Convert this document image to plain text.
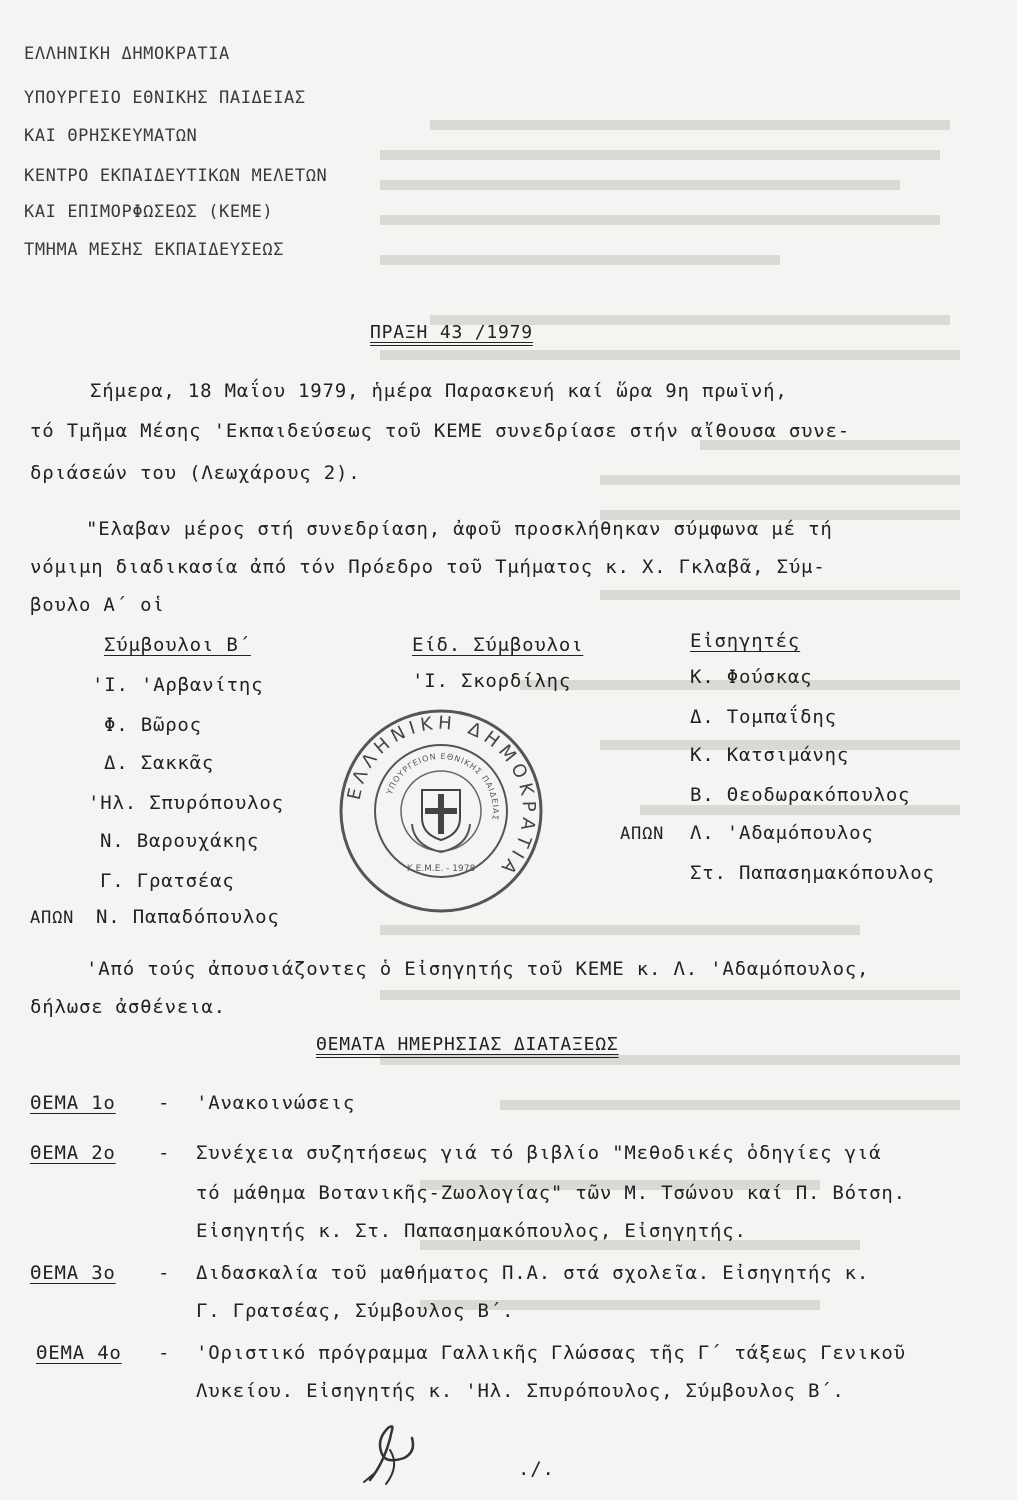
ΕΛΛΗΝΙΚΗ ΔΗΜΟΚΡΑΤΙΑ
ΥΠΟΥΡΓΕΙΟ ΕΘΝΙΚΗΣ ΠΑΙΔΕΙΑΣ
ΚΑΙ ΘΡΗΣΚΕΥΜΑΤΩΝ
ΚΕΝΤΡΟ ΕΚΠΑΙΔΕΥΤΙΚΩΝ ΜΕΛΕΤΩΝ
ΚΑΙ ΕΠΙΜΟΡΦΩΣΕΩΣ (ΚΕΜΕ)
ΤΜΗΜΑ ΜΕΣΗΣ ΕΚΠΑΙΔΕΥΣΕΩΣ
ΠΡΑΞΗ 43 /1979
Σήμερα, 18 Μαΐου 1979, ἡμέρα Παρασκευή καί ὥρα 9η πρωϊνή,
τό Τμῆμα Μέσης 'Εκπαιδεύσεως τοῦ ΚΕΜΕ συνεδρίασε στήν αἴθουσα συνε-
δριάσεών του (Λεωχάρους 2).
"Ελαβαν μέρος στή συνεδρίαση, ἀφοῦ προσκλήθηκαν σύμφωνα μέ τή
νόμιμη διαδικασία ἀπό τόν Πρόεδρο τοῦ Τμήματος κ. Χ. Γκλαβᾶ, Σύμ-
βουλο Α΄ οἱ
Σύμβουλοι Β΄
'Ι. 'Αρβανίτης
Φ. Βῶρος
Δ. Σακκᾶς
'Ηλ. Σπυρόπουλος
Ν. Βαρουχάκης
Γ. Γρατσέας
ΑΠΩΝ Ν. Παπαδόπουλος
Είδ. Σύμβουλοι
'Ι. Σκορδίλης
Εἰσηγητές
Κ. Φούσκας
Δ. Τομπαΐδης
Κ. Κατσιμάνης
Β. Θεοδωρακόπουλος
ΑΠΩΝ Λ. 'Αδαμόπουλος
Στ. Παπασημακόπουλος
ΕΛΛΗΝΙΚΗ ΔΗΜΟΚΡΑΤΙΑ
ΥΠΟΥΡΓΕΙΟΝ ΕΘΝΙΚΗΣ ΠΑΙΔΕΙΑΣ
Κ.Ε.Μ.Ε. - 1978
'Από τούς ἀπουσιάζοντες ὁ Εἰσηγητής τοῦ ΚΕΜΕ κ. Λ. 'Αδαμόπουλος,
δήλωσε ἀσθένεια.
ΘΕΜΑΤΑ ΗΜΕΡΗΣΙΑΣ ΔΙΑΤΑΞΕΩΣ
ΘΕΜΑ 1ο - 'Ανακοινώσεις
ΘΕΜΑ 2ο - Συνέχεια συζητήσεως γιά τό βιβλίο "Μεθοδικές ὁδηγίες γιά
τό μάθημα Βοτανικῆς-Ζωολογίας" τῶν Μ. Τσώνου καί Π. Βότση.
Εἰσηγητής κ. Στ. Παπασημακόπουλος, Εἰσηγητής.
ΘΕΜΑ 3ο - Διδασκαλία τοῦ μαθήματος Π.Α. στά σχολεῖα. Εἰσηγητής κ.
Γ. Γρατσέας, Σύμβουλος Β΄.
ΘΕΜΑ 4ο - 'Οριστικό πρόγραμμα Γαλλικῆς Γλώσσας τῆς Γ΄ τάξεως Γενικοῦ
Λυκείου. Εἰσηγητής κ. 'Ηλ. Σπυρόπουλος, Σύμβουλος Β΄.
./.
